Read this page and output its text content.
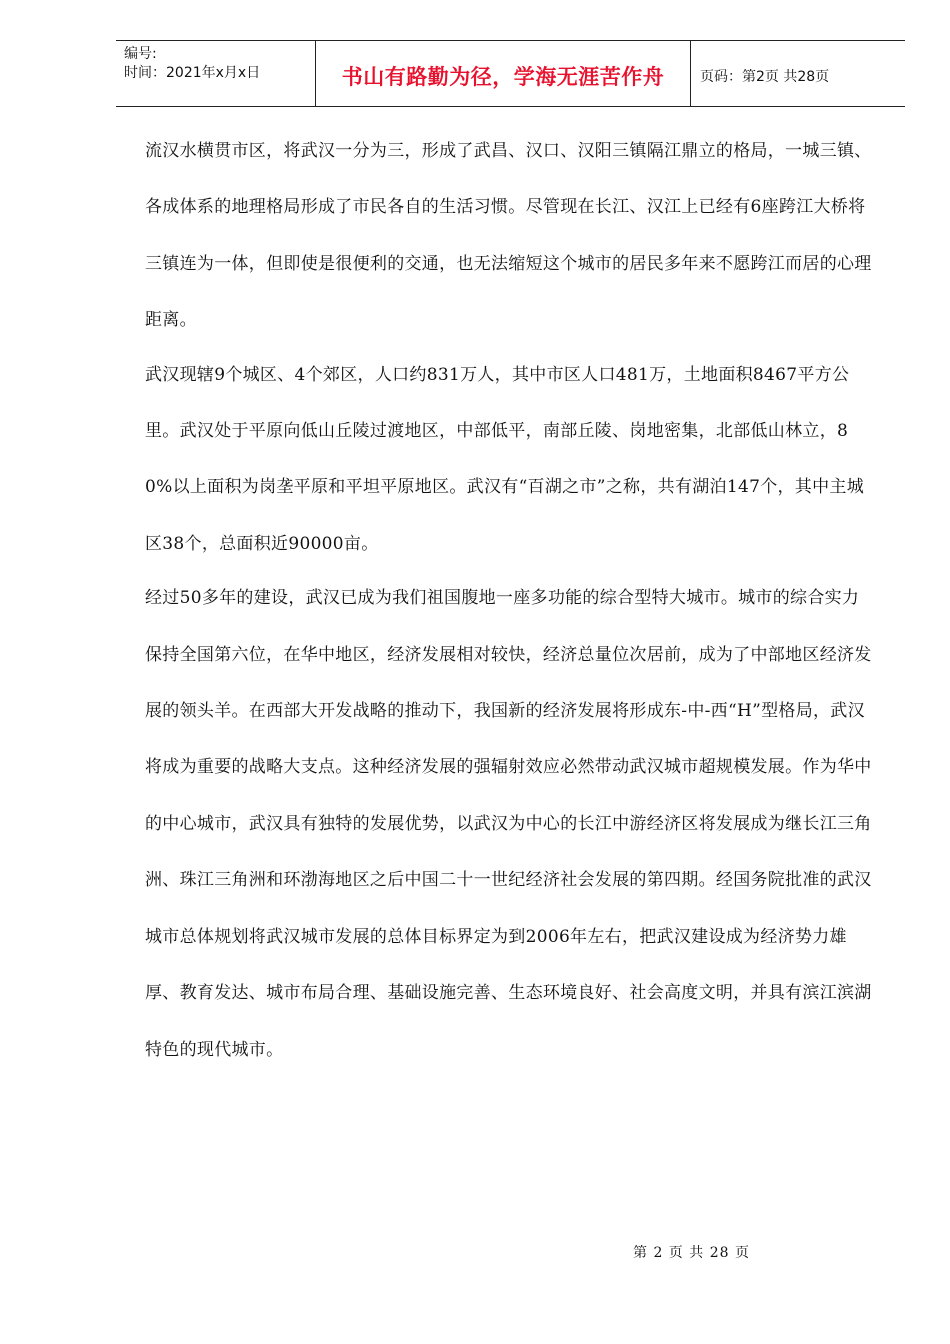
编号:
时间：2021年x月x日	书山有路勤为径，学海无涯苦作舟	页码：第2页 共28页

流汉水横贯市区，将武汉一分为三，形成了武昌、汉口、汉阳三镇隔江鼎立的格局，一城三镇、各成体系的地理格局形成了市民各自的生活习惯。尽管现在长江、汉江上已经有6座跨江大桥将三镇连为一体，但即使是很便利的交通，也无法缩短这个城市的居民多年来不愿跨江而居的心理距离。

武汉现辖9个城区、4个郊区，人口约831万人，其中市区人口481万，土地面积8467平方公里。武汉处于平原向低山丘陵过渡地区，中部低平，南部丘陵、岗地密集，北部低山林立，80%以上面积为岗垄平原和平坦平原地区。武汉有“百湖之市”之称，共有湖泊147个，其中主城区38个，总面积近90000亩。

经过50多年的建设，武汉已成为我们祖国腹地一座多功能的综合型特大城市。城市的综合实力保持全国第六位，在华中地区，经济发展相对较快，经济总量位次居前，成为了中部地区经济发展的领头羊。在西部大开发战略的推动下，我国新的经济发展将形成东-中-西“H”型格局，武汉将成为重要的战略大支点。这种经济发展的强辐射效应必然带动武汉城市超规模发展。作为华中的中心城市，武汉具有独特的发展优势，以武汉为中心的长江中游经济区将发展成为继长江三角洲、珠江三角洲和环渤海地区之后中国二十一世纪经济社会发展的第四期。经国务院批准的武汉城市总体规划将武汉城市发展的总体目标界定为到2006年左右，把武汉建设成为经济势力雄厚、教育发达、城市布局合理、基础设施完善、生态环境良好、社会高度文明，并具有滨江滨湖特色的现代城市。

第 2 页 共 28 页
